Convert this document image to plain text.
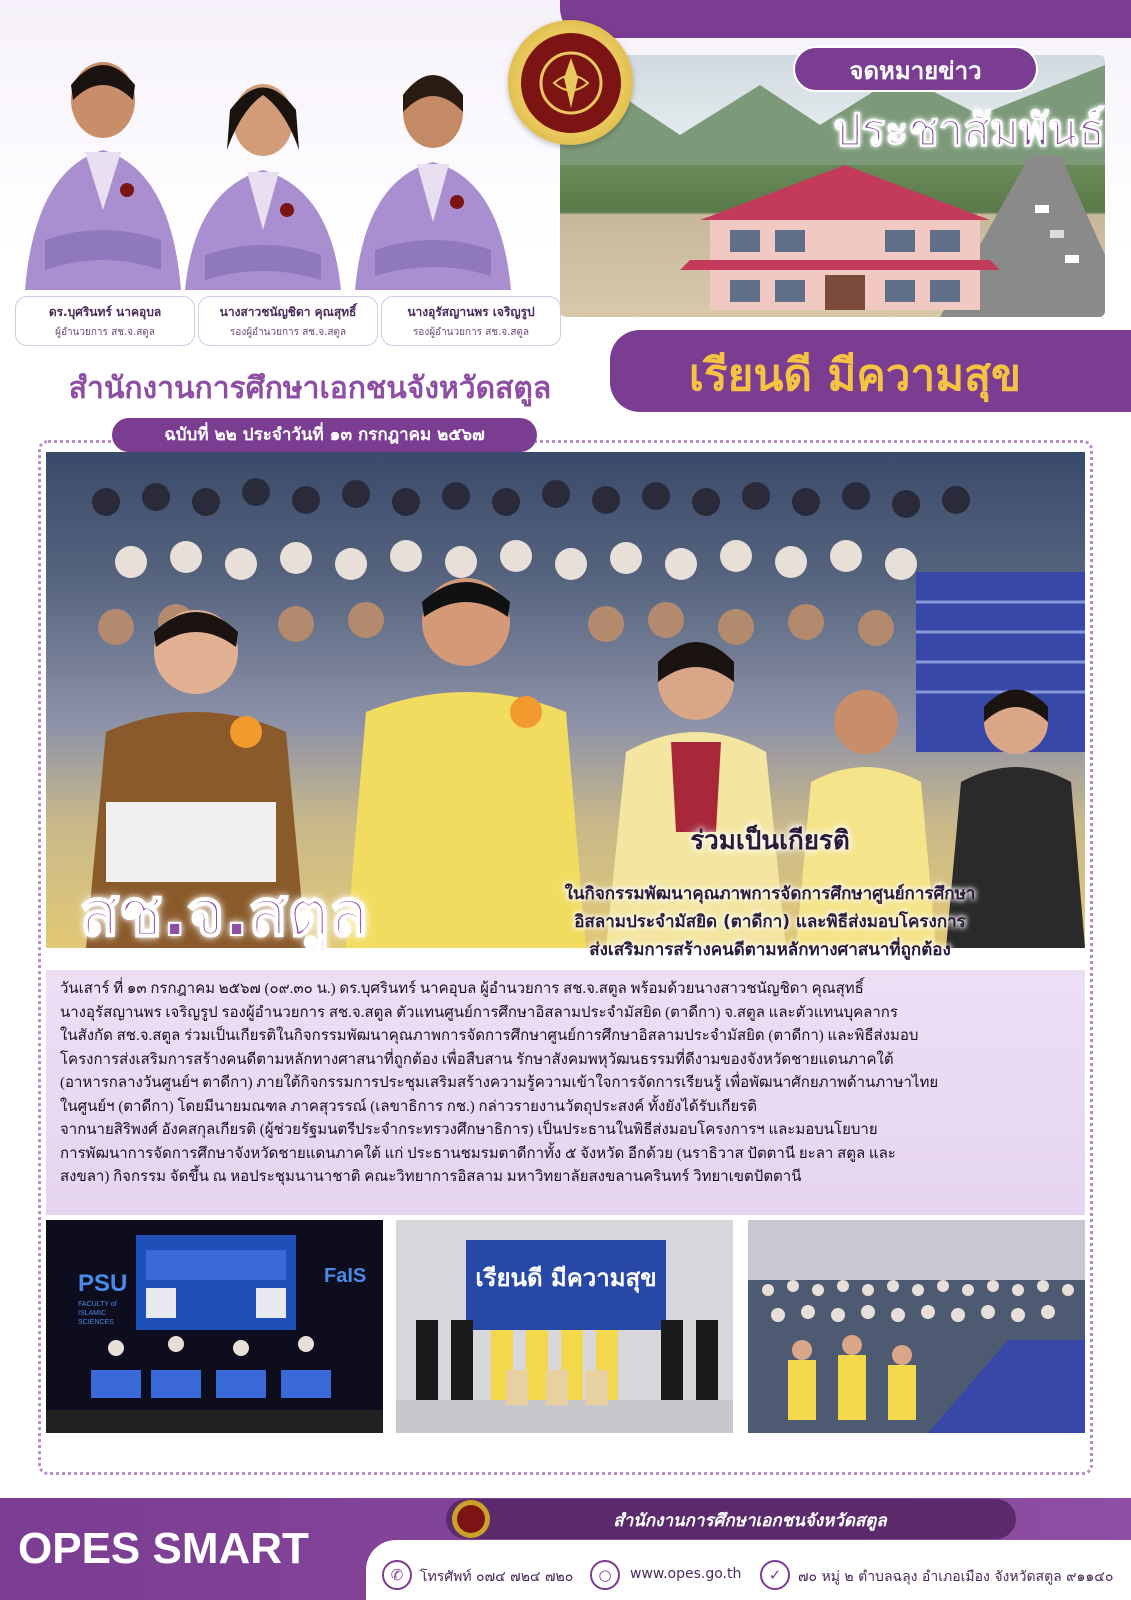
ดร.บุศรินทร์ นาคอุบล
ผู้อำนวยการ สช.จ.สตูล
นางสาวชนัญชิดา คุณสุทธิ์
รองผู้อำนวยการ สช.จ.สตูล
นางอุรัสญานพร เจริญรูป
รองผู้อำนวยการ สช.จ.สตูล
จดหมายข่าว
ประชาสัมพันธ์
สำนักงานการศึกษาเอกชนจังหวัดสตูล	เรียนดี มีความสุข
ฉบับที่ ๒๒ ประจำวันที่ ๑๓ กรกฎาคม ๒๕๖๗
สช.จ.สตูล
ร่วมเป็นเกียรติ
ในกิจกรรมพัฒนาคุณภาพการจัดการศึกษาศูนย์การศึกษา
อิสลามประจำมัสยิด (ตาดีกา) และพิธีส่งมอบโครงการ
ส่งเสริมการสร้างคนดีตามหลักทางศาสนาที่ถูกต้อง
วันเสาร์ ที่ ๑๓ กรกฎาคม ๒๕๖๗ (๐๙.๓๐ น.) ดร.บุศรินทร์ นาคอุบล ผู้อำนวยการ สช.จ.สตูล พร้อมด้วยนางสาวชนัญชิดา คุณสุทธิ์
นางอุรัสญานพร เจริญรูป รองผู้อำนวยการ สช.จ.สตูล ตัวแทนศูนย์การศึกษาอิสลามประจำมัสยิด (ตาดีกา) จ.สตูล และตัวแทนบุคลากร
ในสังกัด สช.จ.สตูล ร่วมเป็นเกียรติในกิจกรรมพัฒนาคุณภาพการจัดการศึกษาศูนย์การศึกษาอิสลามประจำมัสยิด (ตาดีกา) และพิธีส่งมอบ
โครงการส่งเสริมการสร้างคนดีตามหลักทางศาสนาที่ถูกต้อง เพื่อสืบสาน รักษาสังคมพหุวัฒนธรรมที่ดีงามของจังหวัดชายแดนภาคใต้
(อาหารกลางวันศูนย์ฯ ตาดีกา) ภายใต้กิจกรรมการประชุมเสริมสร้างความรู้ความเข้าใจการจัดการเรียนรู้ เพื่อพัฒนาศักยภาพด้านภาษาไทย
ในศูนย์ฯ (ตาดีกา) โดยมีนายมณฑล ภาคสุวรรณ์ (เลขาธิการ กช.) กล่าวรายงานวัตถุประสงค์ ทั้งยังได้รับเกียรติ
จากนายสิริพงศ์ อังคสกุลเกียรติ (ผู้ช่วยรัฐมนตรีประจำกระทรวงศึกษาธิการ) เป็นประธานในพิธีส่งมอบโครงการฯ และมอบนโยบาย
การพัฒนาการจัดการศึกษาจังหวัดชายแดนภาคใต้ แก่ ประธานชมรมตาดีกาทั้ง ๕ จังหวัด อีกด้วย (นราธิวาส ปัตตานี ยะลา สตูล และ
สงขลา) กิจกรรม จัดขึ้น ณ หอประชุมนานาชาติ คณะวิทยาการอิสลาม มหาวิทยาลัยสงขลานครินทร์ วิทยาเขตปัตตานี
PSU
FACULTY of ISLAMIC SCIENCES
FaIS	เรียนดี มีความสุข
OPES SMART
สำนักงานการศึกษาเอกชนจังหวัดสตูล
✆	โทรศัพท์ ๐๗๔ ๗๒๔ ๗๒๐	○	www.opes.go.th	✓	๗๐ หมู่ ๒ ตำบลฉลุง อำเภอเมือง จังหวัดสตูล ๙๑๑๔๐
